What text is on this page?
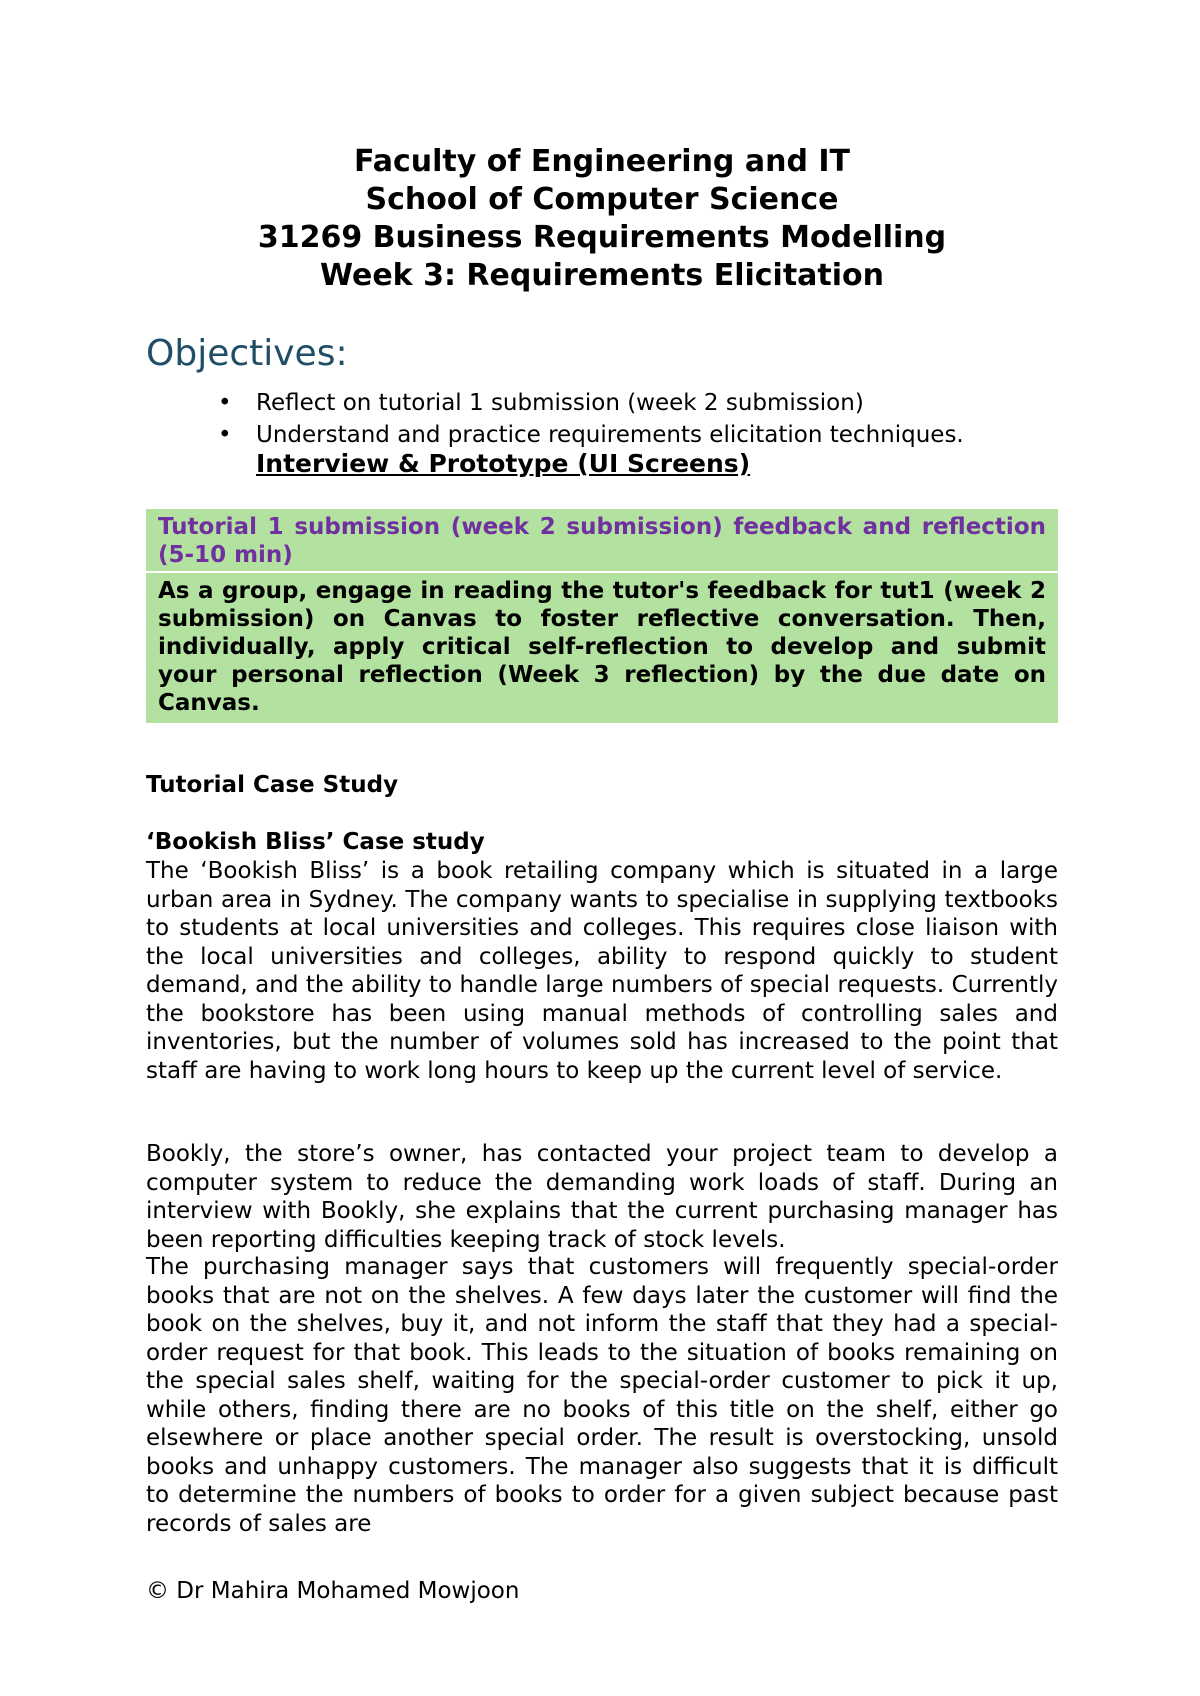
Faculty of Engineering and IT
School of Computer Science
31269 Business Requirements Modelling
Week 3: Requirements Elicitation
Objectives:
• Reflect on tutorial 1 submission (week 2 submission)
• Understand and practice requirements elicitation techniques.
Interview & Prototype (UI Screens)
Tutorial 1 submission (week 2 submission) feedback and reflection (5-10 min)
As a group, engage in reading the tutor's feedback for tut1 (week 2 submission) on Canvas to foster reflective conversation. Then, individually, apply critical self-reflection to develop and submit your personal reflection (Week 3 reflection) by the due date on Canvas.
Tutorial Case Study
‘Bookish Bliss’ Case study
The ‘Bookish Bliss’ is a book retailing company which is situated in a large urban area in Sydney. The company wants to specialise in supplying textbooks to students at local universities and colleges. This requires close liaison with the local universities and colleges, ability to respond quickly to student demand, and the ability to handle large numbers of special requests. Currently the bookstore has been using manual methods of controlling sales and inventories, but the number of volumes sold has increased to the point that staff are having to work long hours to keep up the current level of service.
Bookly, the store’s owner, has contacted your project team to develop a computer system to reduce the demanding work loads of staff. During an interview with Bookly, she explains that the current purchasing manager has been reporting difficulties keeping track of stock levels.
The purchasing manager says that customers will frequently special-order books that are not on the shelves. A few days later the customer will find the book on the shelves, buy it, and not inform the staff that they had a special-order request for that book. This leads to the situation of books remaining on the special sales shelf, waiting for the special-order customer to pick it up, while others, finding there are no books of this title on the shelf, either go elsewhere or place another special order. The result is overstocking, unsold books and unhappy customers. The manager also suggests that it is difficult to determine the numbers of books to order for a given subject because past records of sales are
© Dr Mahira Mohamed Mowjoon
